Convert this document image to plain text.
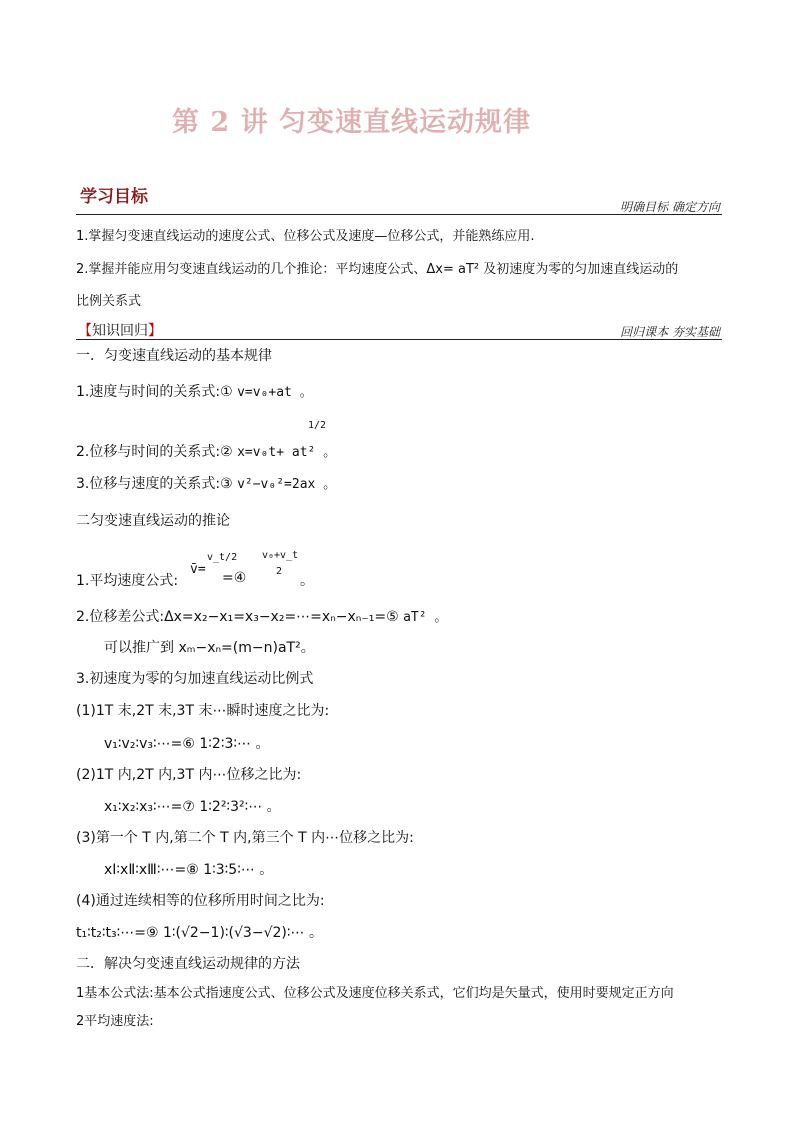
第 2 讲 匀变速直线运动规律
学习目标	明确目标 确定方向
1.掌握匀变速直线运动的速度公式、位移公式及速度—位移公式，并能熟练应用.
2.掌握并能应用匀变速直线运动的几个推论：平均速度公式、Δx= aT² 及初速度为零的匀加速直线运动的
比例关系式
【知识回归】	回归课本 夯实基础
一．匀变速直线运动的基本规律
1.速度与时间的关系式:① v=v₀+at 。
1/2
2.位移与时间的关系式:② x=v₀t+ at² 。
3.位移与速度的关系式:③ v²−v₀²=2ax 。
二匀变速直线运动的推论
1.平均速度公式:
v̄=
v_t/2
=④
v₀+v_t
2
。
2.位移差公式:Δx=x₂−x₁=x₃−x₂=⋯=xₙ−xₙ₋₁=⑤ aT² 。
可以推广到 xₘ−xₙ=(m−n)aT²。
3.初速度为零的匀加速直线运动比例式
(1)1T 末,2T 末,3T 末⋯瞬时速度之比为:
v₁∶v₂∶v₃∶⋯=⑥ 1∶2∶3∶⋯ 。
(2)1T 内,2T 内,3T 内⋯位移之比为:
x₁∶x₂∶x₃∶⋯=⑦ 1∶2²∶3²∶⋯ 。
(3)第一个 T 内,第二个 T 内,第三个 T 内⋯位移之比为:
xⅠ∶xⅡ∶xⅢ∶⋯=⑧ 1∶3∶5∶⋯ 。
(4)通过连续相等的位移所用时间之比为:
t₁∶t₂∶t₃∶⋯=⑨ 1∶(√2−1)∶(√3−√2)∶⋯ 。
二．解决匀变速直线运动规律的方法
1基本公式法:基本公式指速度公式、位移公式及速度位移关系式，它们均是矢量式，使用时要规定正方向
2平均速度法:
